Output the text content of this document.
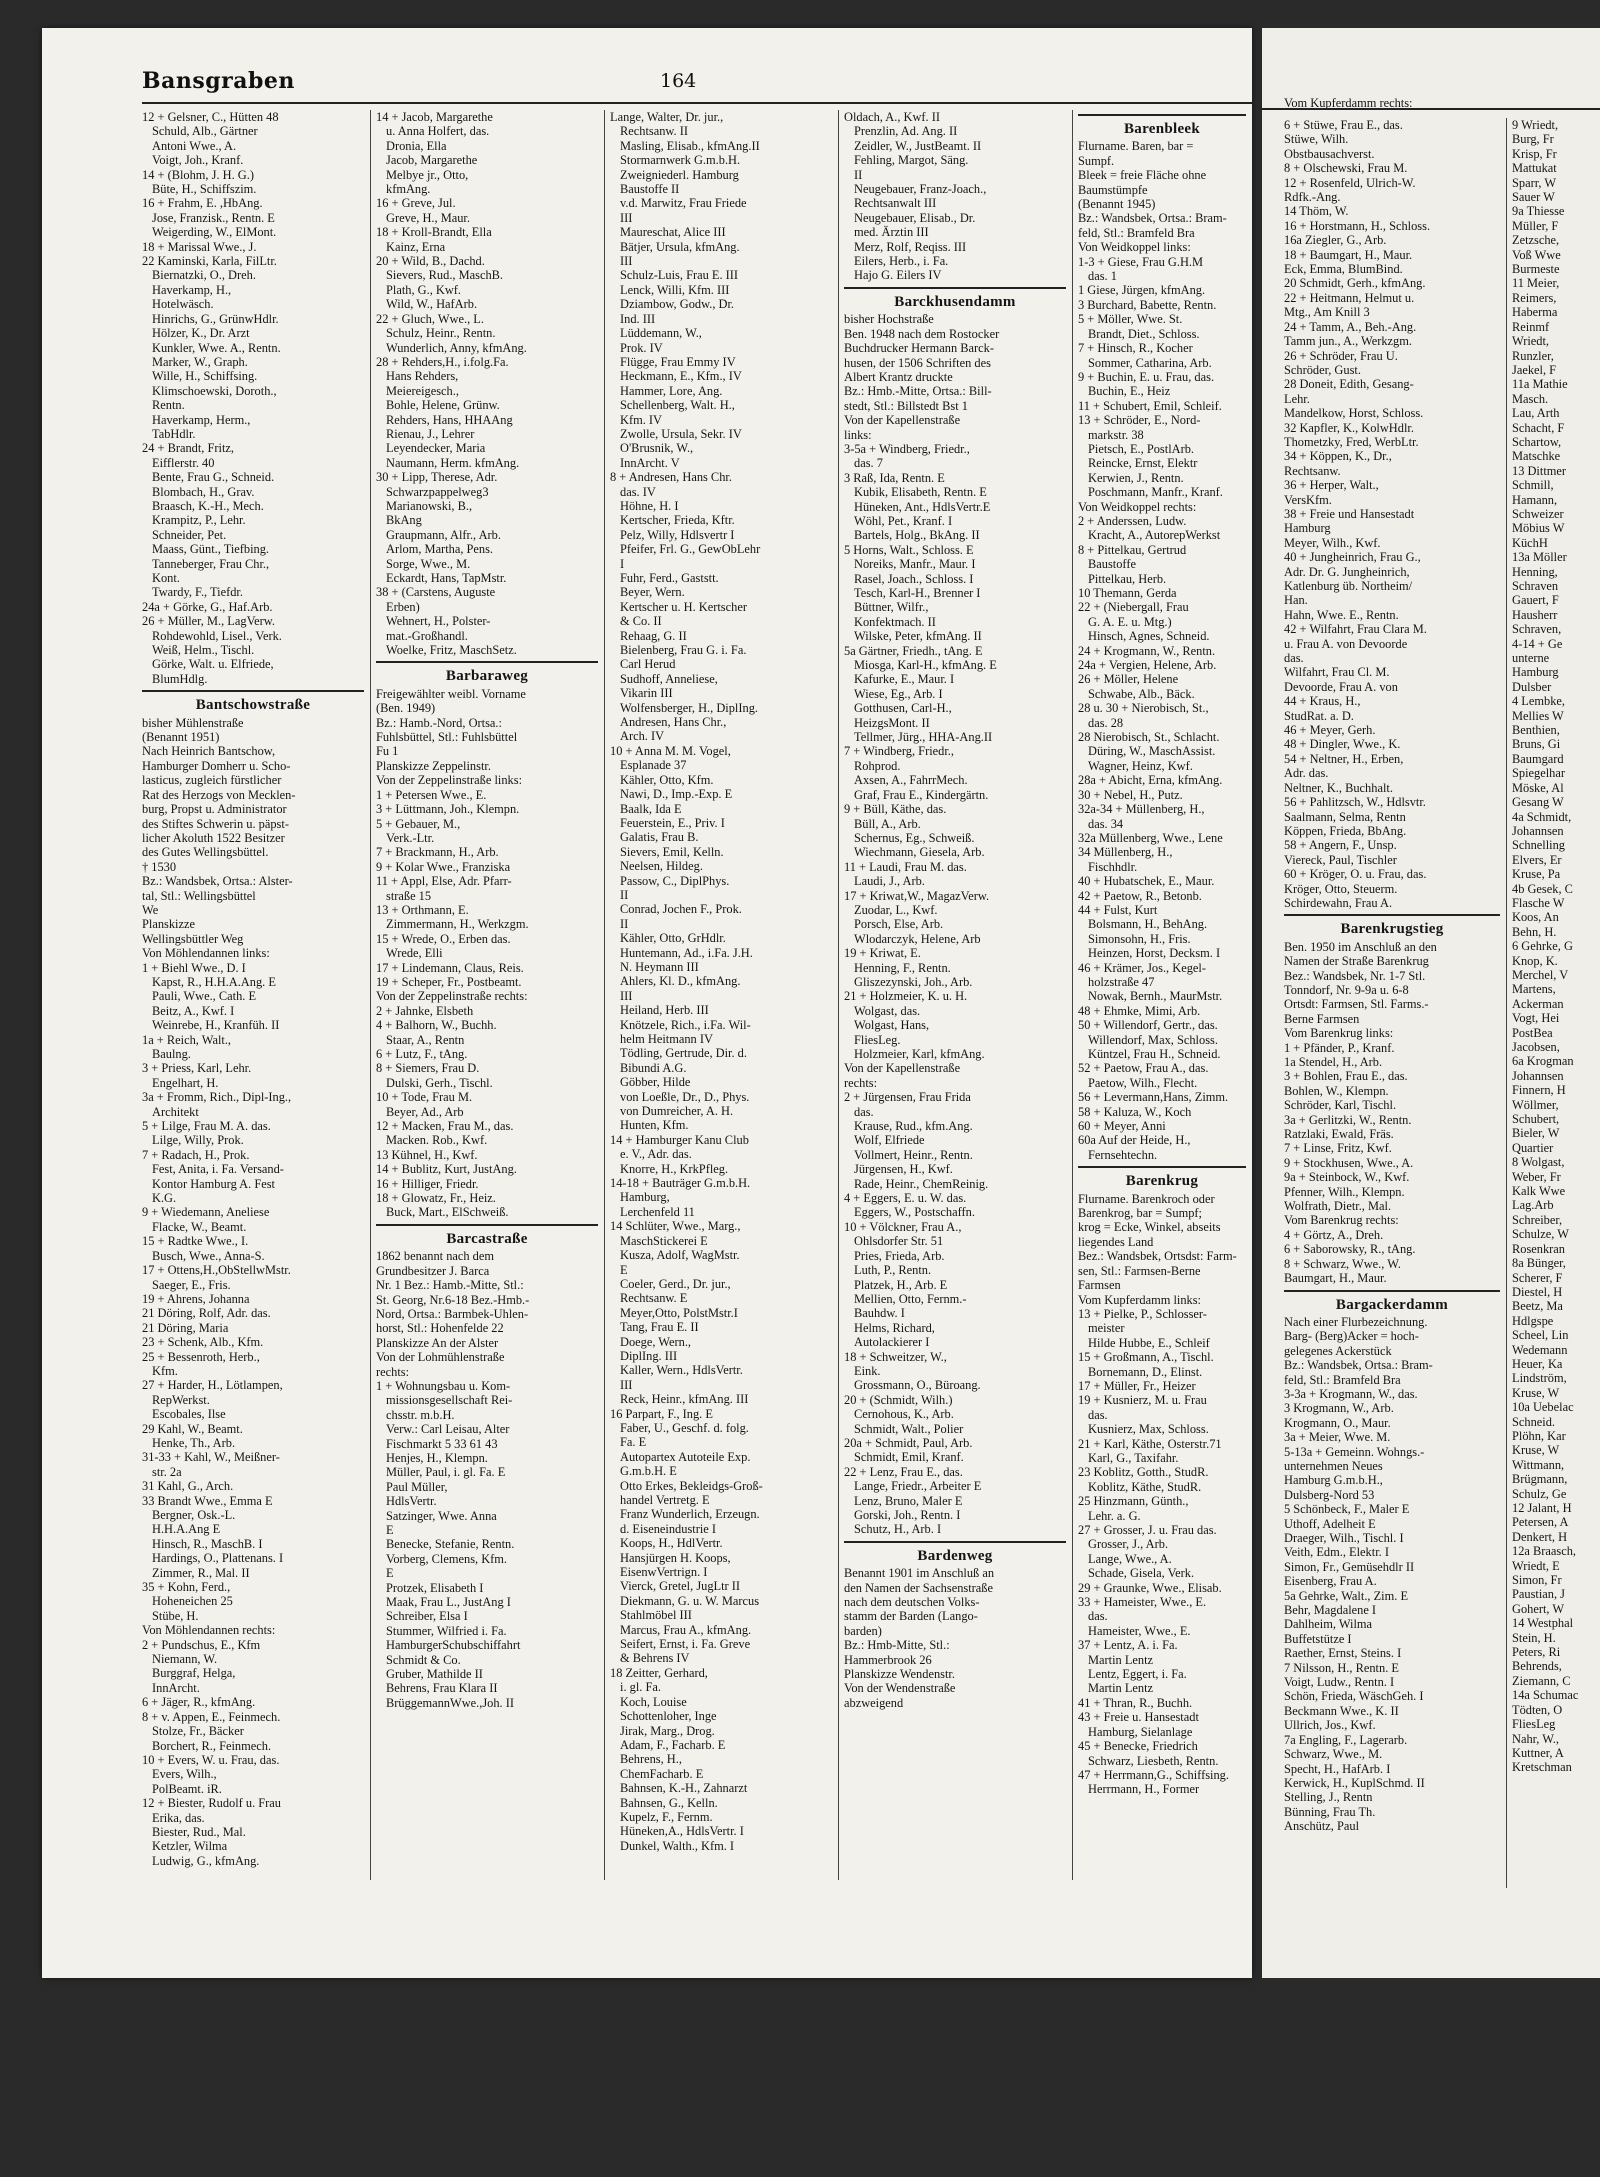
Bansgraben	164
12 + Gelsner, C., Hütten 48
Schuld, Alb., Gärtner
Antoni Wwe., A.
Voigt, Joh., Kranf.
14 + (Blohm, J. H. G.)
Büte, H., Schiffszim.
16 + Frahm, E. ,HbAng.
Jose, Franzisk., Rentn. E
Weigerding, W., ElMont.
18 + Marissal Wwe., J.
22 Kaminski, Karla, FilLtr.
Biernatzki, O., Dreh.
Haverkamp, H.,
Hotelwäsch.
Hinrichs, G., GrünwHdlr.
Hölzer, K., Dr. Arzt
Kunkler, Wwe. A., Rentn.
Marker, W., Graph.
Wille, H., Schiffsing.
Klimschoewski, Doroth.,
Rentn.
Haverkamp, Herm.,
TabHdlr.
24 + Brandt, Fritz,
Eifflerstr. 40
Bente, Frau G., Schneid.
Blombach, H., Grav.
Braasch, K.-H., Mech.
Krampitz, P., Lehr.
Schneider, Pet.
Maass, Günt., Tiefbing.
Tanneberger, Frau Chr.,
Kont.
Twardy, F., Tiefdr.
24a + Görke, G., Haf.Arb.
26 + Müller, M., LagVerw.
Rohdewohld, Lisel., Verk.
Weiß, Helm., Tischl.
Görke, Walt. u. Elfriede,
BlumHdlg.
Bantschowstraße
bisher Mühlenstraße
(Benannt 1951)
Nach Heinrich Bantschow,
Hamburger Domherr u. Scho-
lasticus, zugleich fürstlicher
Rat des Herzogs von Mecklen-
burg, Propst u. Administrator
des Stiftes Schwerin u. päpst-
licher Akoluth 1522 Besitzer
des Gutes Wellingsbüttel.
† 1530
Bz.: Wandsbek, Ortsa.: Alster-
tal, Stl.: Wellingsbüttel
We
Planskizze
Wellingsbüttler Weg
Von Möhlendannen links:
1 + Biehl Wwe., D. I
Kapst, R., H.H.A.Ang. E
Pauli, Wwe., Cath. E
Beitz, A., Kwf. I
Weinrebe, H., Kranfüh. II
1a + Reich, Walt.,
Baulng.
3 + Priess, Karl, Lehr.
Engelhart, H.
3a + Fromm, Rich., Dipl-Ing.,
Architekt
5 + Lilge, Frau M. A. das.
Lilge, Willy, Prok.
7 + Radach, H., Prok.
Fest, Anita, i. Fa. Versand-
Kontor Hamburg A. Fest
K.G.
9 + Wiedemann, Aneliese
Flacke, W., Beamt.
15 + Radtke Wwe., I.
Busch, Wwe., Anna-S.
17 + Ottens,H.,ObStellwMstr.
Saeger, E., Fris.
19 + Ahrens, Johanna
21 Döring, Rolf, Adr. das.
21 Döring, Maria
23 + Schenk, Alb., Kfm.
25 + Bessenroth, Herb.,
Kfm.
27 + Harder, H., Lötlampen,
RepWerkst.
Escobales, Ilse
29 Kahl, W., Beamt.
Henke, Th., Arb.
31-33 + Kahl, W., Meißner-
str. 2a
31 Kahl, G., Arch.
33 Brandt Wwe., Emma E
Bergner, Osk.-L.
H.H.A.Ang E
Hinsch, R., MaschB. I
Hardings, O., Plattenans. I
Zimmer, R., Mal. II
35 + Kohn, Ferd.,
Hoheneichen 25
Stübe, H.
Von Möhlendannen rechts:
2 + Pundschus, E., Kfm
Niemann, W.
Burggraf, Helga,
InnArcht.
6 + Jäger, R., kfmAng.
8 + v. Appen, E., Feinmech.
Stolze, Fr., Bäcker
Borchert, R., Feinmech.
10 + Evers, W. u. Frau, das.
Evers, Wilh.,
PolBeamt. iR.
12 + Biester, Rudolf u. Frau
Erika, das.
Biester, Rud., Mal.
Ketzler, Wilma
Ludwig, G., kfmAng.
14 + Jacob, Margarethe
u. Anna Holfert, das.
Dronia, Ella
Jacob, Margarethe
Melbye jr., Otto,
kfmAng.
16 + Greve, Jul.
Greve, H., Maur.
18 + Kroll-Brandt, Ella
Kainz, Erna
20 + Wild, B., Dachd.
Sievers, Rud., MaschB.
Plath, G., Kwf.
Wild, W., HafArb.
22 + Gluch, Wwe., L.
Schulz, Heinr., Rentn.
Wunderlich, Anny, kfmAng.
28 + Rehders,H., i.folg.Fa.
Hans Rehders,
Meiereigesch.,
Bohle, Helene, Grünw.
Rehders, Hans, HHAAng
Rienau, J., Lehrer
Leyendecker, Maria
Naumann, Herm. kfmAng.
30 + Lipp, Therese, Adr.
Schwarzpappelweg3
Marianowski, B.,
BkAng
Graupmann, Alfr., Arb.
Arlom, Martha, Pens.
Sorge, Wwe., M.
Eckardt, Hans, TapMstr.
38 + (Carstens, Auguste
Erben)
Wehnert, H., Polster-
mat.-Großhandl.
Woelke, Fritz, MaschSetz.
Barbaraweg
Freigewählter weibl. Vorname
(Ben. 1949)
Bz.: Hamb.-Nord, Ortsa.:
Fuhlsbüttel, Stl.: Fuhlsbüttel
Fu 1
Planskizze Zeppelinstr.
Von der Zeppelinstraße links:
1 + Petersen Wwe., E.
3 + Lüttmann, Joh., Klempn.
5 + Gebauer, M.,
Verk.-Ltr.
7 + Brackmann, H., Arb.
9 + Kolar Wwe., Franziska
11 + Appl, Else, Adr. Pfarr-
straße 15
13 + Orthmann, E.
Zimmermann, H., Werkzgm.
15 + Wrede, O., Erben das.
Wrede, Elli
17 + Lindemann, Claus, Reis.
19 + Scheper, Fr., Postbeamt.
Von der Zeppelinstraße rechts:
2 + Jahnke, Elsbeth
4 + Balhorn, W., Buchh.
Staar, A., Rentn
6 + Lutz, F., tAng.
8 + Siemers, Frau D.
Dulski, Gerh., Tischl.
10 + Tode, Frau M.
Beyer, Ad., Arb
12 + Macken, Frau M., das.
Macken. Rob., Kwf.
13 Kühnel, H., Kwf.
14 + Bublitz, Kurt, JustAng.
16 + Hilliger, Friedr.
18 + Glowatz, Fr., Heiz.
Buck, Mart., ElSchweiß.
Barcastraße
1862 benannt nach dem
Grundbesitzer J. Barca
Nr. 1 Bez.: Hamb.-Mitte, Stl.:
St. Georg, Nr.6-18 Bez.-Hmb.-
Nord, Ortsa.: Barmbek-Uhlen-
horst, Stl.: Hohenfelde 22
Planskizze An der Alster
Von der Lohmühlenstraße
rechts:
1 + Wohnungsbau u. Kom-
missionsgesellschaft Rei-
chsstr. m.b.H.
Verw.: Carl Leisau, Alter
Fischmarkt 5 33 61 43
Henjes, H., Klempn.
Müller, Paul, i. gl. Fa. E
Paul Müller,
HdlsVertr.
Satzinger, Wwe. Anna
E
Benecke, Stefanie, Rentn.
Vorberg, Clemens, Kfm.
E
Protzek, Elisabeth I
Maak, Frau L., JustAng I
Schreiber, Elsa I
Stummer, Wilfried i. Fa.
HamburgerSchubschiffahrt
Schmidt & Co.
Gruber, Mathilde II
Behrens, Frau Klara II
BrüggemannWwe.,Joh. II
Lange, Walter, Dr. jur.,
Rechtsanw. II
Masling, Elisab., kfmAng.II
Stormarnwerk G.m.b.H.
Zweigniederl. Hamburg
Baustoffe II
v.d. Marwitz, Frau Friede
III
Maureschat, Alice III
Bätjer, Ursula, kfmAng.
III
Schulz-Luis, Frau E. III
Lenck, Willi, Kfm. III
Dziambow, Godw., Dr.
Ind. III
Lüddemann, W.,
Prok. IV
Flügge, Frau Emmy IV
Heckmann, E., Kfm., IV
Hammer, Lore, Ang.
Schellenberg, Walt. H.,
Kfm. IV
Zwolle, Ursula, Sekr. IV
O'Brusnik, W.,
InnArcht. V
8 + Andresen, Hans Chr.
das. IV
Höhne, H. I
Kertscher, Frieda, Kftr.
Pelz, Willy, Hdlsvertr I
Pfeifer, Frl. G., GewObLehr
I
Fuhr, Ferd., Gaststt.
Beyer, Wern.
Kertscher u. H. Kertscher
& Co. II
Rehaag, G. II
Bielenberg, Frau G. i. Fa.
Carl Herud
Sudhoff, Anneliese,
Vikarin III
Wolfensberger, H., DiplIng.
Andresen, Hans Chr.,
Arch. IV
10 + Anna M. M. Vogel,
Esplanade 37
Kähler, Otto, Kfm.
Nawi, D., Imp.-Exp. E
Baalk, Ida E
Feuerstein, E., Priv. I
Galatis, Frau B.
Sievers, Emil, Kelln.
Neelsen, Hildeg.
Passow, C., DiplPhys.
II
Conrad, Jochen F., Prok.
II
Kähler, Otto, GrHdlr.
Huntemann, Ad., i.Fa. J.H.
N. Heymann III
Ahlers, Kl. D., kfmAng.
III
Heiland, Herb. III
Knötzele, Rich., i.Fa. Wil-
helm Heitmann IV
Tödling, Gertrude, Dir. d.
Bibundi A.G.
Göbber, Hilde
von Loeßle, Dr., D., Phys.
von Dumreicher, A. H.
Hunten, Kfm.
14 + Hamburger Kanu Club
e. V., Adr. das.
Knorre, H., KrkPfleg.
14-18 + Bauträger G.m.b.H.
Hamburg,
Lerchenfeld 11
14 Schlüter, Wwe., Marg.,
MaschStickerei E
Kusza, Adolf, WagMstr.
E
Coeler, Gerd., Dr. jur.,
Rechtsanw. E
Meyer,Otto, PolstMstr.I
Tang, Frau E. II
Doege, Wern.,
DiplIng. III
Kaller, Wern., HdlsVertr.
III
Reck, Heinr., kfmAng. III
16 Parpart, F., Ing. E
Faber, U., Geschf. d. folg.
Fa. E
Autopartex Autoteile Exp.
G.m.b.H. E
Otto Erkes, Bekleidgs-Groß-
handel Vertretg. E
Franz Wunderlich, Erzeugn.
d. Eiseneindustrie I
Koops, H., HdlVertr.
Hansjürgen H. Koops,
EisenwVertrign. I
Vierck, Gretel, JugLtr II
Diekmann, G. u. W. Marcus
Stahlmöbel III
Marcus, Frau A., kfmAng.
Seifert, Ernst, i. Fa. Greve
& Behrens IV
18 Zeitter, Gerhard,
i. gl. Fa.
Koch, Louise
Schottenloher, Inge
Jirak, Marg., Drog.
Adam, F., Facharb. E
Behrens, H.,
ChemFacharb. E
Bahnsen, K.-H., Zahnarzt
Bahnsen, G., Kelln.
Kupelz, F., Fernm.
Hüneken,A., HdlsVertr. I
Dunkel, Walth., Kfm. I
Oldach, A., Kwf. II
Prenzlin, Ad. Ang. II
Zeidler, W., JustBeamt. II
Fehling, Margot, Säng.
II
Neugebauer, Franz-Joach.,
Rechtsanwalt III
Neugebauer, Elisab., Dr.
med. Ärztin III
Merz, Rolf, Reqiss. III
Eilers, Herb., i. Fa.
Hajo G. Eilers IV
Barckhusendamm
bisher Hochstraße
Ben. 1948 nach dem Rostocker
Buchdrucker Hermann Barck-
husen, der 1506 Schriften des
Albert Krantz druckte
Bz.: Hmb.-Mitte, Ortsa.: Bill-
stedt, Stl.: Billstedt Bst 1
Von der Kapellenstraße
links:
3-5a + Windberg, Friedr.,
das. 7
3 Raß, Ida, Rentn. E
Kubik, Elisabeth, Rentn. E
Hüneken, Ant., HdlsVertr.E
Wöhl, Pet., Kranf. I
Bartels, Holg., BkAng. II
5 Horns, Walt., Schloss. E
Noreiks, Manfr., Maur. I
Rasel, Joach., Schloss. I
Tesch, Karl-H., Brenner I
Büttner, Wilfr.,
Konfektmach. II
Wilske, Peter, kfmAng. II
5a Gärtner, Friedh., tAng. E
Miosga, Karl-H., kfmAng. E
Kafurke, E., Maur. I
Wiese, Eg., Arb. I
Gotthusen, Carl-H.,
HeizgsMont. II
Tellmer, Jürg., HHA-Ang.II
7 + Windberg, Friedr.,
Rohprod.
Axsen, A., FahrrMech.
Graf, Frau E., Kindergärtn.
9 + Büll, Käthe, das.
Büll, A., Arb.
Schernus, Eg., Schweiß.
Wiechmann, Giesela, Arb.
11 + Laudi, Frau M. das.
Laudi, J., Arb.
17 + Kriwat,W., MagazVerw.
Zuodar, L., Kwf.
Porsch, Else, Arb.
Wlodarczyk, Helene, Arb
19 + Kriwat, E.
Henning, F., Rentn.
Gliszezynski, Joh., Arb.
21 + Holzmeier, K. u. H.
Wolgast, das.
Wolgast, Hans,
FliesLeg.
Holzmeier, Karl, kfmAng.
Von der Kapellenstraße
rechts:
2 + Jürgensen, Frau Frida
das.
Krause, Rud., kfm.Ang.
Wolf, Elfriede
Vollmert, Heinr., Rentn.
Jürgensen, H., Kwf.
Rade, Heinr., ChemReinig.
4 + Eggers, E. u. W. das.
Eggers, W., Postschaffn.
10 + Völckner, Frau A.,
Ohlsdorfer Str. 51
Pries, Frieda, Arb.
Luth, P., Rentn.
Platzek, H., Arb. E
Mellien, Otto, Fernm.-
Bauhdw. I
Helms, Richard,
Autolackierer I
18 + Schweitzer, W.,
Eink.
Grossmann, O., Büroang.
20 + (Schmidt, Wilh.)
Cernohous, K., Arb.
Schmidt, Walt., Polier
20a + Schmidt, Paul, Arb.
Schmidt, Emil, Kranf.
22 + Lenz, Frau E., das.
Lange, Friedr., Arbeiter E
Lenz, Bruno, Maler E
Gorski, Joh., Rentn. I
Schutz, H., Arb. I
Bardenweg
Benannt 1901 im Anschluß an
den Namen der Sachsenstraße
nach dem deutschen Volks-
stamm der Barden (Lango-
barden)
Bz.: Hmb-Mitte, Stl.:
Hammerbrook 26
Planskizze Wendenstr.
Von der Wendenstraße
abzweigend
Barenbleek
Flurname. Baren, bar =
Sumpf.
Bleek = freie Fläche ohne
Baumstümpfe
(Benannt 1945)
Bz.: Wandsbek, Ortsa.: Bram-
feld, Stl.: Bramfeld Bra
Von Weidkoppel links:
1-3 + Giese, Frau G.H.M
das. 1
1 Giese, Jürgen, kfmAng.
3 Burchard, Babette, Rentn.
5 + Möller, Wwe. St.
Brandt, Diet., Schloss.
7 + Hinsch, R., Kocher
Sommer, Catharina, Arb.
9 + Buchin, E. u. Frau, das.
Buchin, E., Heiz
11 + Schubert, Emil, Schleif.
13 + Schröder, E., Nord-
markstr. 38
Pietsch, E., PostlArb.
Reincke, Ernst, Elektr
Kerwien, J., Rentn.
Poschmann, Manfr., Kranf.
Von Weidkoppel rechts:
2 + Anderssen, Ludw.
Kracht, A., AutorepWerkst
8 + Pittelkau, Gertrud
Baustoffe
Pittelkau, Herb.
10 Themann, Gerda
22 + (Niebergall, Frau
G. A. E. u. Mtg.)
Hinsch, Agnes, Schneid.
24 + Krogmann, W., Rentn.
24a + Vergien, Helene, Arb.
26 + Möller, Helene
Schwabe, Alb., Bäck.
28 u. 30 + Nierobisch, St.,
das. 28
28 Nierobisch, St., Schlacht.
Düring, W., MaschAssist.
Wagner, Heinz, Kwf.
28a + Abicht, Erna, kfmAng.
30 + Nebel, H., Putz.
32a-34 + Müllenberg, H.,
das. 34
32a Müllenberg, Wwe., Lene
34 Müllenberg, H.,
Fischhdlr.
40 + Hubatschek, E., Maur.
42 + Paetow, R., Betonb.
44 + Fulst, Kurt
Bolsmann, H., BehAng.
Simonsohn, H., Fris.
Heinzen, Horst, Decksm. I
46 + Krämer, Jos., Kegel-
holzstraße 47
Nowak, Bernh., MaurMstr.
48 + Ehmke, Mimi, Arb.
50 + Willendorf, Gertr., das.
Willendorf, Max, Schloss.
Küntzel, Frau H., Schneid.
52 + Paetow, Frau A., das.
Paetow, Wilh., Flecht.
56 + Levermann,Hans, Zimm.
58 + Kaluza, W., Koch
60 + Meyer, Anni
60a Auf der Heide, H.,
Fernsehtechn.
Barenkrug
Flurname. Barenkroch oder
Barenkrog, bar = Sumpf;
krog = Ecke, Winkel, abseits
liegendes Land
Bez.: Wandsbek, Ortsdst: Farm-
sen, Stl.: Farmsen-Berne
Farmsen
Vom Kupferdamm links:
13 + Pielke, P., Schlosser-
meister
Hilde Hubbe, E., Schleif
15 + Großmann, A., Tischl.
Bornemann, D., Elinst.
17 + Müller, Fr., Heizer
19 + Kusnierz, M. u. Frau
das.
Kusnierz, Max, Schloss.
21 + Karl, Käthe, Osterstr.71
Karl, G., Taxifahr.
23 Koblitz, Gotth., StudR.
Koblitz, Käthe, StudR.
25 Hinzmann, Günth.,
Lehr. a. G.
27 + Grosser, J. u. Frau das.
Grosser, J., Arb.
Lange, Wwe., A.
Schade, Gisela, Verk.
29 + Graunke, Wwe., Elisab.
33 + Hameister, Wwe., E.
das.
Hameister, Wwe., E.
37 + Lentz, A. i. Fa.
Martin Lentz
Lentz, Eggert, i. Fa.
Martin Lentz
41 + Thran, R., Buchh.
43 + Freie u. Hansestadt
Hamburg, Sielanlage
45 + Benecke, Friedrich
Schwarz, Liesbeth, Rentn.
47 + Herrmann,G., Schiffsing.
Herrmann, H., Former
Vom Kupferdamm rechts:
6 + Stüwe, Frau E., das.
Stüwe, Wilh.
Obstbausachverst.
8 + Olschewski, Frau M.
12 + Rosenfeld, Ulrich-W.
Rdfk.-Ang.
14 Thöm, W.
16 + Horstmann, H., Schloss.
16a Ziegler, G., Arb.
18 + Baumgart, H., Maur.
Eck, Emma, BlumBind.
20 Schmidt, Gerh., kfmAng.
22 + Heitmann, Helmut u.
Mtg., Am Knill 3
24 + Tamm, A., Beh.-Ang.
Tamm jun., A., Werkzgm.
26 + Schröder, Frau U.
Schröder, Gust.
28 Doneit, Edith, Gesang-
Lehr.
Mandelkow, Horst, Schloss.
32 Kapfler, K., KolwHdlr.
Thometzky, Fred, WerbLtr.
34 + Köppen, K., Dr.,
Rechtsanw.
36 + Herper, Walt.,
VersKfm.
38 + Freie und Hansestadt
Hamburg
Meyer, Wilh., Kwf.
40 + Jungheinrich, Frau G.,
Adr. Dr. G. Jungheinrich,
Katlenburg üb. Northeim/
Han.
Hahn, Wwe. E., Rentn.
42 + Wilfahrt, Frau Clara M.
u. Frau A. von Devoorde
das.
Wilfahrt, Frau Cl. M.
Devoorde, Frau A. von
44 + Kraus, H.,
StudRat. a. D.
46 + Meyer, Gerh.
48 + Dingler, Wwe., K.
54 + Neltner, H., Erben,
Adr. das.
Neltner, K., Buchhalt.
56 + Pahlitzsch, W., Hdlsvtr.
Saalmann, Selma, Rentn
Köppen, Frieda, BbAng.
58 + Angern, F., Unsp.
Viereck, Paul, Tischler
60 + Kröger, O. u. Frau, das.
Kröger, Otto, Steuerm.
Schirdewahn, Frau A.
Barenkrugstieg
Ben. 1950 im Anschluß an den
Namen der Straße Barenkrug
Bez.: Wandsbek, Nr. 1-7 Stl.
Tonndorf, Nr. 9-9a u. 6-8
Ortsdt: Farmsen, Stl. Farms.-
Berne Farmsen
Vom Barenkrug links:
1 + Pfänder, P., Kranf.
1a Stendel, H., Arb.
3 + Bohlen, Frau E., das.
Bohlen, W., Klempn.
Schröder, Karl, Tischl.
3a + Gerlitzki, W., Rentn.
Ratzlaki, Ewald, Fräs.
7 + Linse, Fritz, Kwf.
9 + Stockhusen, Wwe., A.
9a + Steinbock, W., Kwf.
Pfenner, Wilh., Klempn.
Wolfrath, Dietr., Mal.
Vom Barenkrug rechts:
4 + Görtz, A., Dreh.
6 + Saborowsky, R., tAng.
8 + Schwarz, Wwe., W.
Baumgart, H., Maur.
Bargackerdamm
Nach einer Flurbezeichnung.
Barg- (Berg)Acker = hoch-
gelegenes Ackerstück
Bz.: Wandsbek, Ortsa.: Bram-
feld, Stl.: Bramfeld Bra
3-3a + Krogmann, W., das.
3 Krogmann, W., Arb.
Krogmann, O., Maur.
3a + Meier, Wwe. M.
5-13a + Gemeinn. Wohngs.-
unternehmen Neues
Hamburg G.m.b.H.,
Dulsberg-Nord 53
5 Schönbeck, F., Maler E
Uthoff, Adelheit E
Draeger, Wilh., Tischl. I
Veith, Edm., Elektr. I
Simon, Fr., Gemüsehdlr II
Eisenberg, Frau A.
5a Gehrke, Walt., Zim. E
Behr, Magdalene I
Dahlheim, Wilma
Buffetstütze I
Raether, Ernst, Steins. I
7 Nilsson, H., Rentn. E
Voigt, Ludw., Rentn. I
Schön, Frieda, WäschGeh. I
Beckmann Wwe., K. II
Ullrich, Jos., Kwf.
7a Engling, F., Lagerarb.
Schwarz, Wwe., M.
Specht, H., HafArb. I
Kerwick, H., KuplSchmd. II
Stelling, J., Rentn
Bünning, Frau Th.
Anschütz, Paul
9 Wriedt,
Burg, Fr
Krisp, Fr
Mattukat
Sparr, W
Sauer W
9a Thiesse
Müller, F
Zetzsche,
Voß Wwe
Burmeste
11 Meier,
Reimers,
Haberma
Reinmf
Wriedt,
Runzler,
Jaekel, F
11a Mathie
Masch.
Lau, Arth
Schacht, F
Schartow,
Matschke
13 Dittmer
Schmill,
Hamann,
Schweizer
Möbius W
KüchH
13a Möller
Henning,
Schraven
Gauert, F
Hausherr
Schraven,
4-14 + Ge
unterne
Hamburg
Dulsber
4 Lembke,
Mellies W
Benthien,
Bruns, Gi
Baumgard
Spiegelhar
Möske, Al
Gesang W
4a Schmidt,
Johannsen
Schnelling
Elvers, Er
Kruse, Pa
4b Gesek, C
Flasche W
Koos, An
Behn, H.
6 Gehrke, G
Knop, K.
Merchel, V
Martens,
Ackerman
Vogt, Hei
PostBea
Jacobsen,
6a Krogman
Johannsen
Finnern, H
Wöllmer,
Schubert,
Bieler, W
Quartier
8 Wolgast,
Weber, Fr
Kalk Wwe
Lag.Arb
Schreiber,
Schulze, W
Rosenkran
8a Bünger,
Scherer, F
Diestel, H
Beetz, Ma
Hdlgspe
Scheel, Lin
Wedemann
Heuer, Ka
Lindström,
Kruse, W
10a Uebelac
Schneid.
Plöhn, Kar
Kruse, W
Wittmann,
Brügmann,
Schulz, Ge
12 Jalant, H
Petersen, A
Denkert, H
12a Braasch,
Wriedt, E
Simon, Fr
Paustian, J
Gohert, W
14 Westphal
Stein, H.
Peters, Ri
Behrends,
Ziemann, C
14a Schumac
Tödten, O
FliesLeg
Nahr, W.,
Kuttner, A
Kretschman
